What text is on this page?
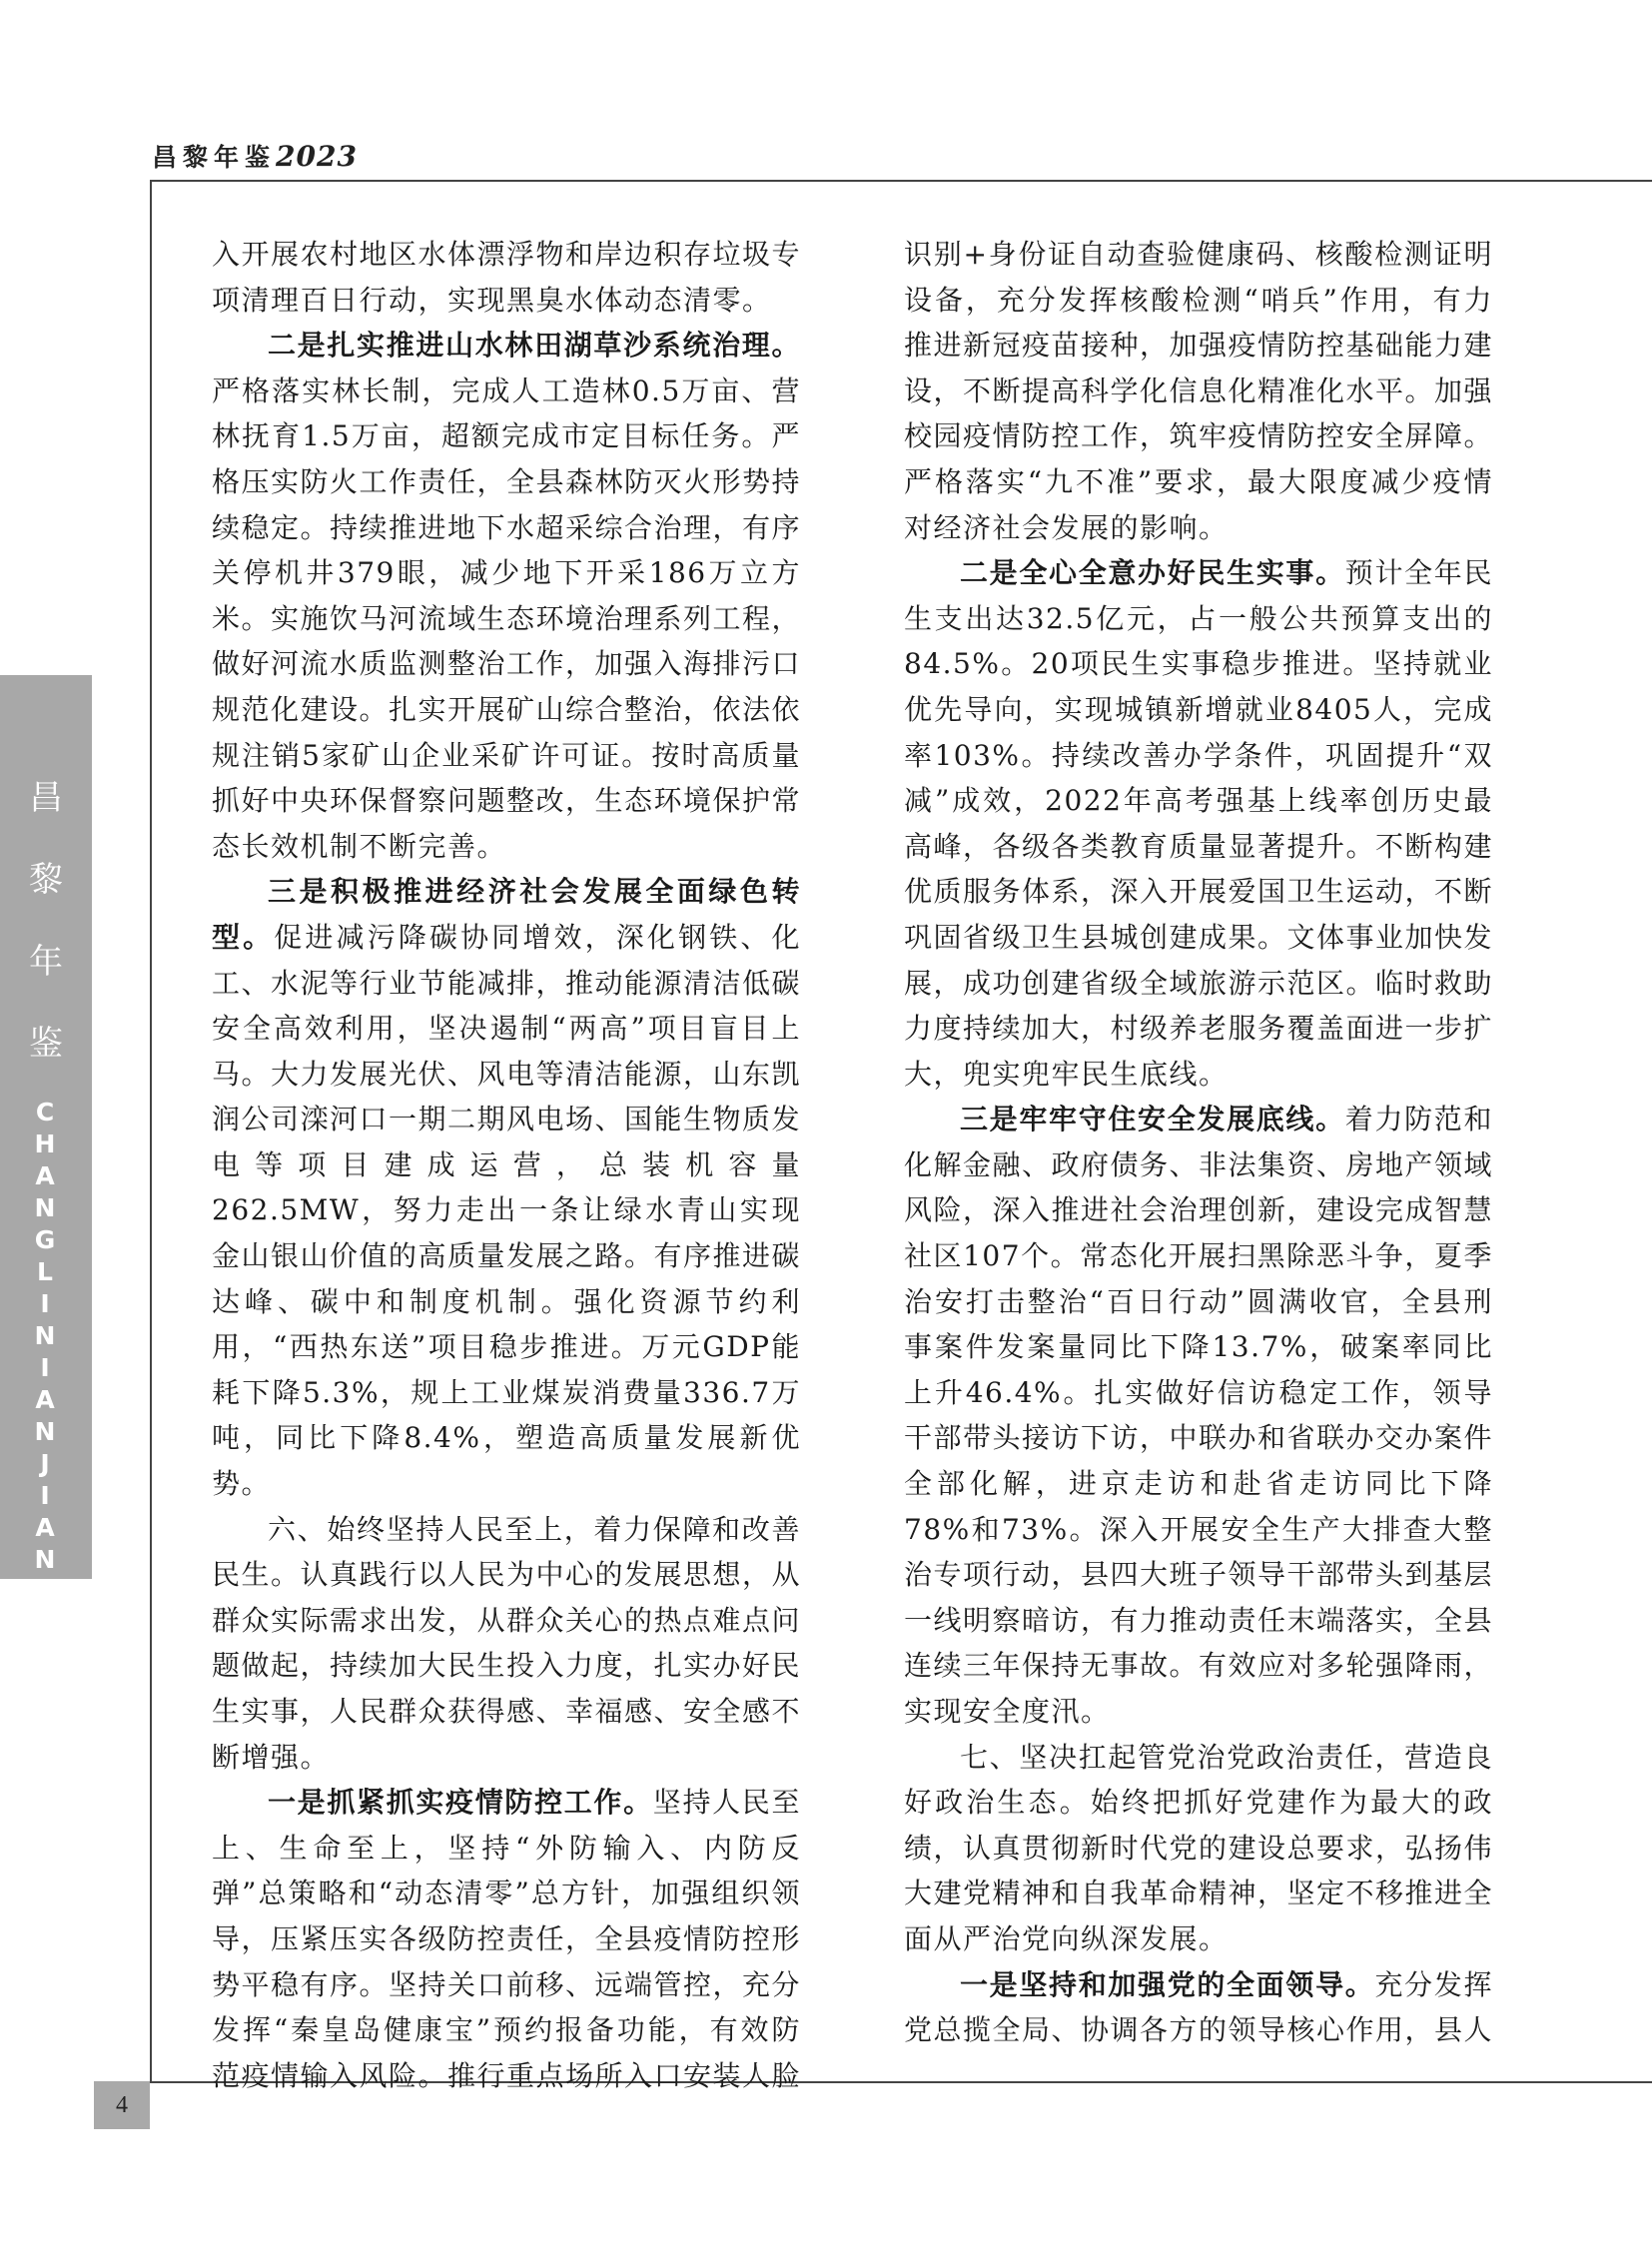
昌黎年鉴2023
昌
黎
年
鉴
C
H
A
N
G
L
I
N
I
A
N
J
I
A
N

入开展农村地区水体漂浮物和岸边积存垃圾专项清理百日行动，实现黑臭水体动态清零。

二是扎实推进山水林田湖草沙系统治理。严格落实林长制，完成人工造林0.5万亩、营林抚育1.5万亩，超额完成市定目标任务。严格压实防火工作责任，全县森林防灭火形势持续稳定。持续推进地下水超采综合治理，有序关停机井379眼，减少地下开采186万立方米。实施饮马河流域生态环境治理系列工程，做好河流水质监测整治工作，加强入海排污口规范化建设。扎实开展矿山综合整治，依法依规注销5家矿山企业采矿许可证。按时高质量抓好中央环保督察问题整改，生态环境保护常态长效机制不断完善。

三是积极推进经济社会发展全面绿色转型。促进减污降碳协同增效，深化钢铁、化工、水泥等行业节能减排，推动能源清洁低碳安全高效利用，坚决遏制“两高”项目盲目上马。大力发展光伏、风电等清洁能源，山东凯润公司滦河口一期二期风电场、国能生物质发电等项目建成运营，总装机容量262.5MW，努力走出一条让绿水青山实现金山银山价值的高质量发展之路。有序推进碳达峰、碳中和制度机制。强化资源节约利用，“西热东送”项目稳步推进。万元GDP能耗下降5.3%，规上工业煤炭消费量336.7万吨，同比下降8.4%，塑造高质量发展新优势。

六、始终坚持人民至上，着力保障和改善民生。认真践行以人民为中心的发展思想，从群众实际需求出发，从群众关心的热点难点问题做起，持续加大民生投入力度，扎实办好民生实事，人民群众获得感、幸福感、安全感不断增强。

一是抓紧抓实疫情防控工作。坚持人民至上、生命至上，坚持“外防输入、内防反弹”总策略和“动态清零”总方针，加强组织领导，压紧压实各级防控责任，全县疫情防控形势平稳有序。坚持关口前移、远端管控，充分发挥“秦皇岛健康宝”预约报备功能，有效防范疫情输入风险。推行重点场所入口安装人脸

识别+身份证自动查验健康码、核酸检测证明设备，充分发挥核酸检测“哨兵”作用，有力推进新冠疫苗接种，加强疫情防控基础能力建设，不断提高科学化信息化精准化水平。加强校园疫情防控工作，筑牢疫情防控安全屏障。严格落实“九不准”要求，最大限度减少疫情对经济社会发展的影响。

二是全心全意办好民生实事。预计全年民生支出达32.5亿元，占一般公共预算支出的84.5%。20项民生实事稳步推进。坚持就业优先导向，实现城镇新增就业8405人，完成率103%。持续改善办学条件，巩固提升“双减”成效，2022年高考强基上线率创历史最高峰，各级各类教育质量显著提升。不断构建优质服务体系，深入开展爱国卫生运动，不断巩固省级卫生县城创建成果。文体事业加快发展，成功创建省级全域旅游示范区。临时救助力度持续加大，村级养老服务覆盖面进一步扩大，兜实兜牢民生底线。

三是牢牢守住安全发展底线。着力防范和化解金融、政府债务、非法集资、房地产领域风险，深入推进社会治理创新，建设完成智慧社区107个。常态化开展扫黑除恶斗争，夏季治安打击整治“百日行动”圆满收官，全县刑事案件发案量同比下降13.7%，破案率同比上升46.4%。扎实做好信访稳定工作，领导干部带头接访下访，中联办和省联办交办案件全部化解，进京走访和赴省走访同比下降78%和73%。深入开展安全生产大排查大整治专项行动，县四大班子领导干部带头到基层一线明察暗访，有力推动责任末端落实，全县连续三年保持无事故。有效应对多轮强降雨，实现安全度汛。

七、坚决扛起管党治党政治责任，营造良好政治生态。始终把抓好党建作为最大的政绩，认真贯彻新时代党的建设总要求，弘扬伟大建党精神和自我革命精神，坚定不移推进全面从严治党向纵深发展。

一是坚持和加强党的全面领导。充分发挥党总揽全局、协调各方的领导核心作用，县人

4
